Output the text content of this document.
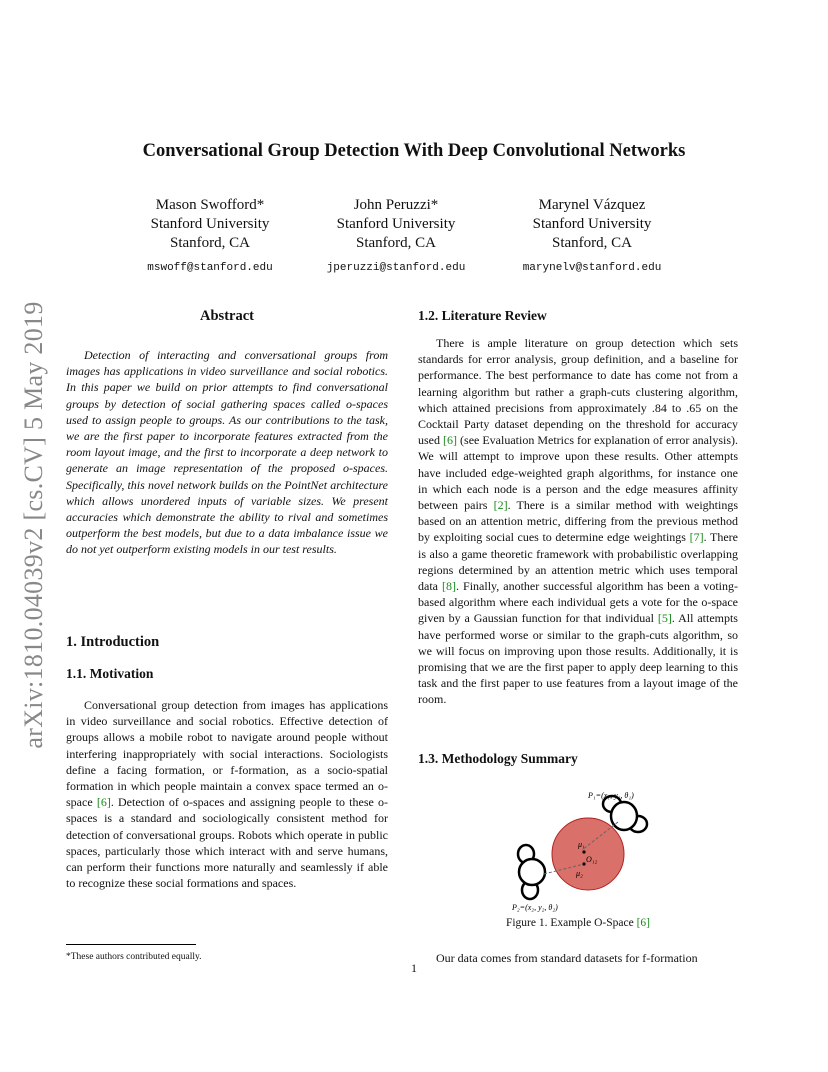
arXiv:1810.04039v2 [cs.CV] 5 May 2019
Conversational Group Detection With Deep Convolutional Networks
Mason Swofford*
Stanford University
Stanford, CA
mswoff@stanford.edu
John Peruzzi*
Stanford University
Stanford, CA
jperuzzi@stanford.edu
Marynel Vázquez
Stanford University
Stanford, CA
marynelv@stanford.edu
Abstract
Detection of interacting and conversational groups from images has applications in video surveillance and social robotics. In this paper we build on prior attempts to find conversational groups by detection of social gathering spaces called o-spaces used to assign people to groups. As our contributions to the task, we are the first paper to incorporate features extracted from the room layout image, and the first to incorporate a deep network to generate an image representation of the proposed o-spaces. Specifically, this novel network builds on the PointNet architecture which allows unordered inputs of variable sizes. We present accuracies which demonstrate the ability to rival and sometimes outperform the best models, but due to a data imbalance issue we do not yet outperform existing models in our test results.
1. Introduction
1.1. Motivation
Conversational group detection from images has applications in video surveillance and social robotics. Effective detection of groups allows a mobile robot to navigate around people without interfering inappropriately with social interactions. Sociologists define a facing formation, or f-formation, as a socio-spatial formation in which people maintain a convex space termed an o-space [6]. Detection of o-spaces and assigning people to these o-spaces is a standard and sociologically consistent method for detection of conversational groups. Robots which operate in public spaces, particularly those which interact with and serve humans, can perform their functions more naturally and seamlessly if able to recognize these social formations and spaces.
*These authors contributed equally.
1.2. Literature Review
There is ample literature on group detection which sets standards for error analysis, group definition, and a baseline for performance. The best performance to date has come not from a learning algorithm but rather a graph-cuts clustering algorithm, which attained precisions from approximately .84 to .65 on the Cocktail Party dataset depending on the threshold for accuracy used [6] (see Evaluation Metrics for explanation of error analysis). We will attempt to improve upon these results. Other attempts have included edge-weighted graph algorithms, for instance one in which each node is a person and the edge measures affinity between pairs [2]. There is a similar method with weightings based on an attention metric, differing from the previous method by exploiting social cues to determine edge weightings [7]. There is also a game theoretic framework with probabilistic overlapping regions determined by an attention metric which uses temporal data [8]. Finally, another successful algorithm has been a voting-based algorithm where each individual gets a vote for the o-space given by a Gaussian function for that individual [5]. All attempts have performed worse or similar to the graph-cuts algorithm, so we will focus on improving upon those results. Additionally, it is promising that we are the first paper to apply deep learning to this task and the first paper to use features from a layout image of the room.
1.3. Methodology Summary
μ₁
μ₂
O₁₂
P₁=(x₁, y₁, θ₁)
P₂=(x₂, y₂, θ₂)
Figure 1. Example O-Space [6]
Our data comes from standard datasets for f-formation
1
